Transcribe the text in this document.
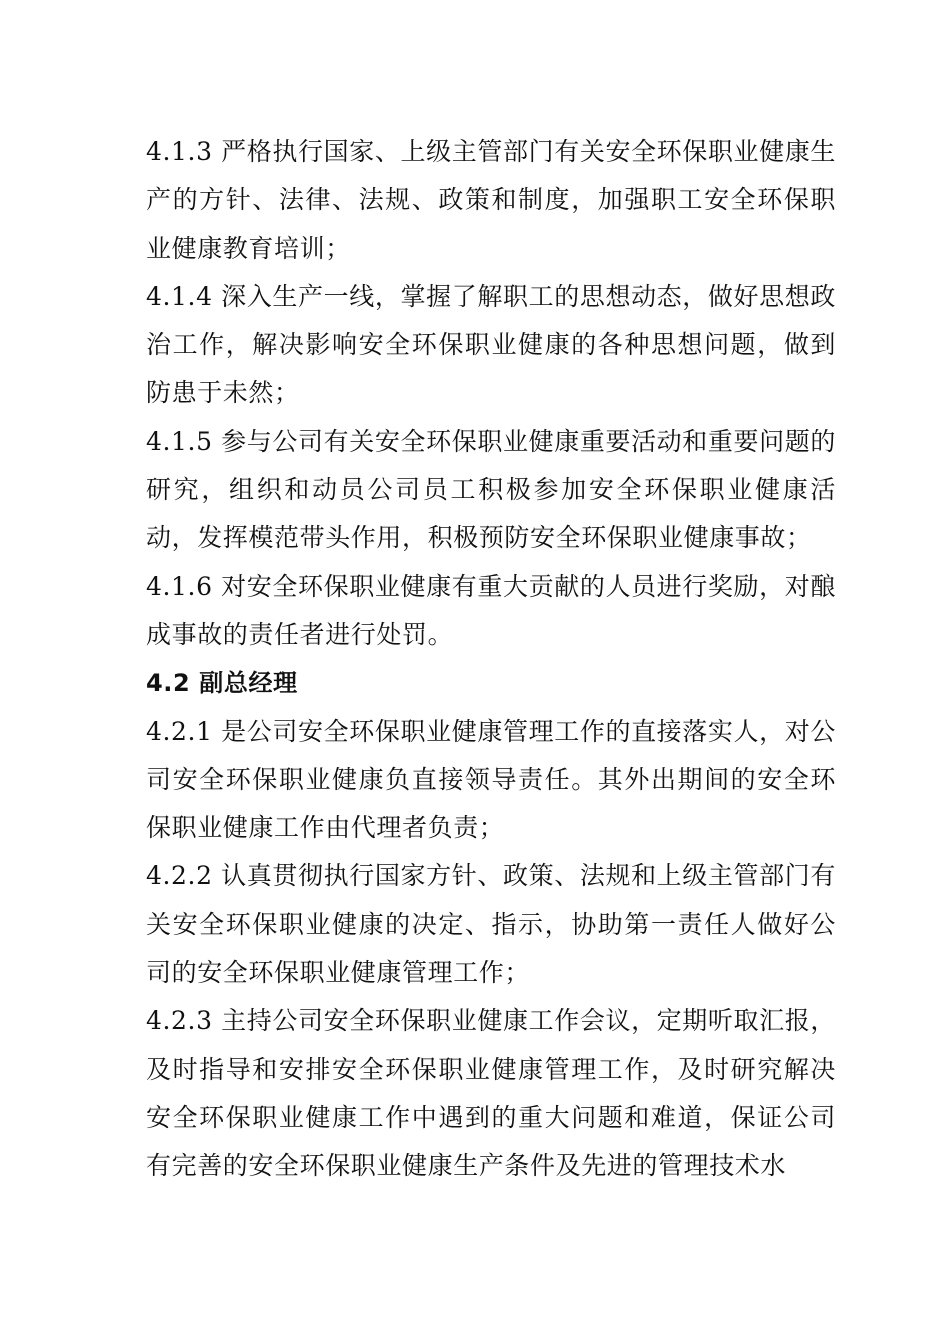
4.1.3 严格执行国家、上级主管部门有关安全环保职业健康生产的方针、法律、法规、政策和制度，加强职工安全环保职业健康教育培训；

4.1.4 深入生产一线，掌握了解职工的思想动态，做好思想政治工作，解决影响安全环保职业健康的各种思想问题，做到防患于未然；

4.1.5 参与公司有关安全环保职业健康重要活动和重要问题的研究，组织和动员公司员工积极参加安全环保职业健康活动，发挥模范带头作用，积极预防安全环保职业健康事故；

4.1.6 对安全环保职业健康有重大贡献的人员进行奖励，对酿成事故的责任者进行处罚。

4.2 副总经理

4.2.1 是公司安全环保职业健康管理工作的直接落实人，对公司安全环保职业健康负直接领导责任。其外出期间的安全环保职业健康工作由代理者负责；

4.2.2 认真贯彻执行国家方针、政策、法规和上级主管部门有关安全环保职业健康的决定、指示，协助第一责任人做好公司的安全环保职业健康管理工作；

4.2.3 主持公司安全环保职业健康工作会议，定期听取汇报，及时指导和安排安全环保职业健康管理工作，及时研究解决安全环保职业健康工作中遇到的重大问题和难道，保证公司有完善的安全环保职业健康生产条件及先进的管理技术水
